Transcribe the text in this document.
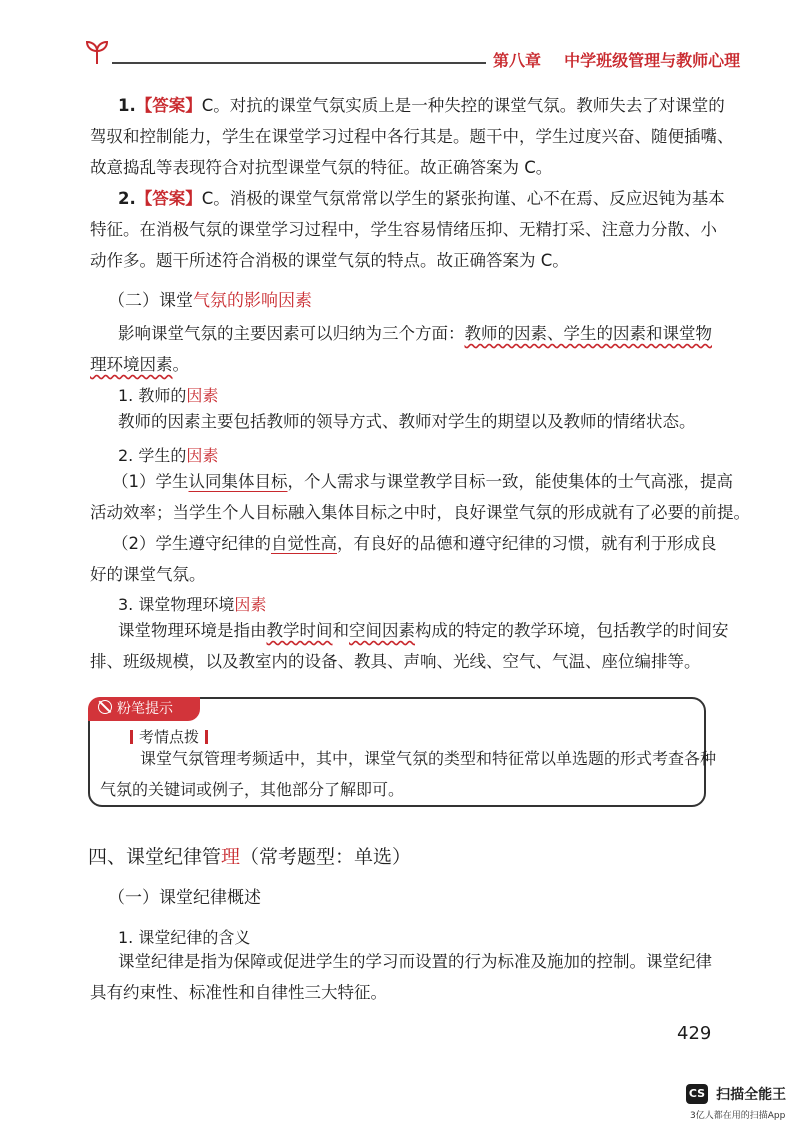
第八章 中学班级管理与教师心理
1.【答案】C。对抗的课堂气氛实质上是一种失控的课堂气氛。教师失去了对课堂的
驾驭和控制能力，学生在课堂学习过程中各行其是。题干中，学生过度兴奋、随便插嘴、
故意捣乱等表现符合对抗型课堂气氛的特征。故正确答案为 C。
2.【答案】C。消极的课堂气氛常常以学生的紧张拘谨、心不在焉、反应迟钝为基本
特征。在消极气氛的课堂学习过程中，学生容易情绪压抑、无精打采、注意力分散、小
动作多。题干所述符合消极的课堂气氛的特点。故正确答案为 C。
（二）课堂气氛的影响因素
影响课堂气氛的主要因素可以归纳为三个方面：教师的因素、学生的因素和课堂物
理环境因素。
1. 教师的因素
教师的因素主要包括教师的领导方式、教师对学生的期望以及教师的情绪状态。
2. 学生的因素
（1）学生认同集体目标，个人需求与课堂教学目标一致，能使集体的士气高涨，提高
活动效率；当学生个人目标融入集体目标之中时，良好课堂气氛的形成就有了必要的前提。
（2）学生遵守纪律的自觉性高，有良好的品德和遵守纪律的习惯，就有利于形成良
好的课堂气氛。
3. 课堂物理环境因素
课堂物理环境是指由教学时间和空间因素构成的特定的教学环境，包括教学的时间安
排、班级规模，以及教室内的设备、教具、声响、光线、空气、气温、座位编排等。
粉笔提示
考情点拨
课堂气氛管理考频适中，其中，课堂气氛的类型和特征常以单选题的形式考查各种
气氛的关键词或例子，其他部分了解即可。
四、课堂纪律管理（常考题型：单选）
（一）课堂纪律概述
1. 课堂纪律的含义
课堂纪律是指为保障或促进学生的学习而设置的行为标准及施加的控制。课堂纪律
具有约束性、标准性和自律性三大特征。
429
CS 扫描全能王
3亿人都在用的扫描App
